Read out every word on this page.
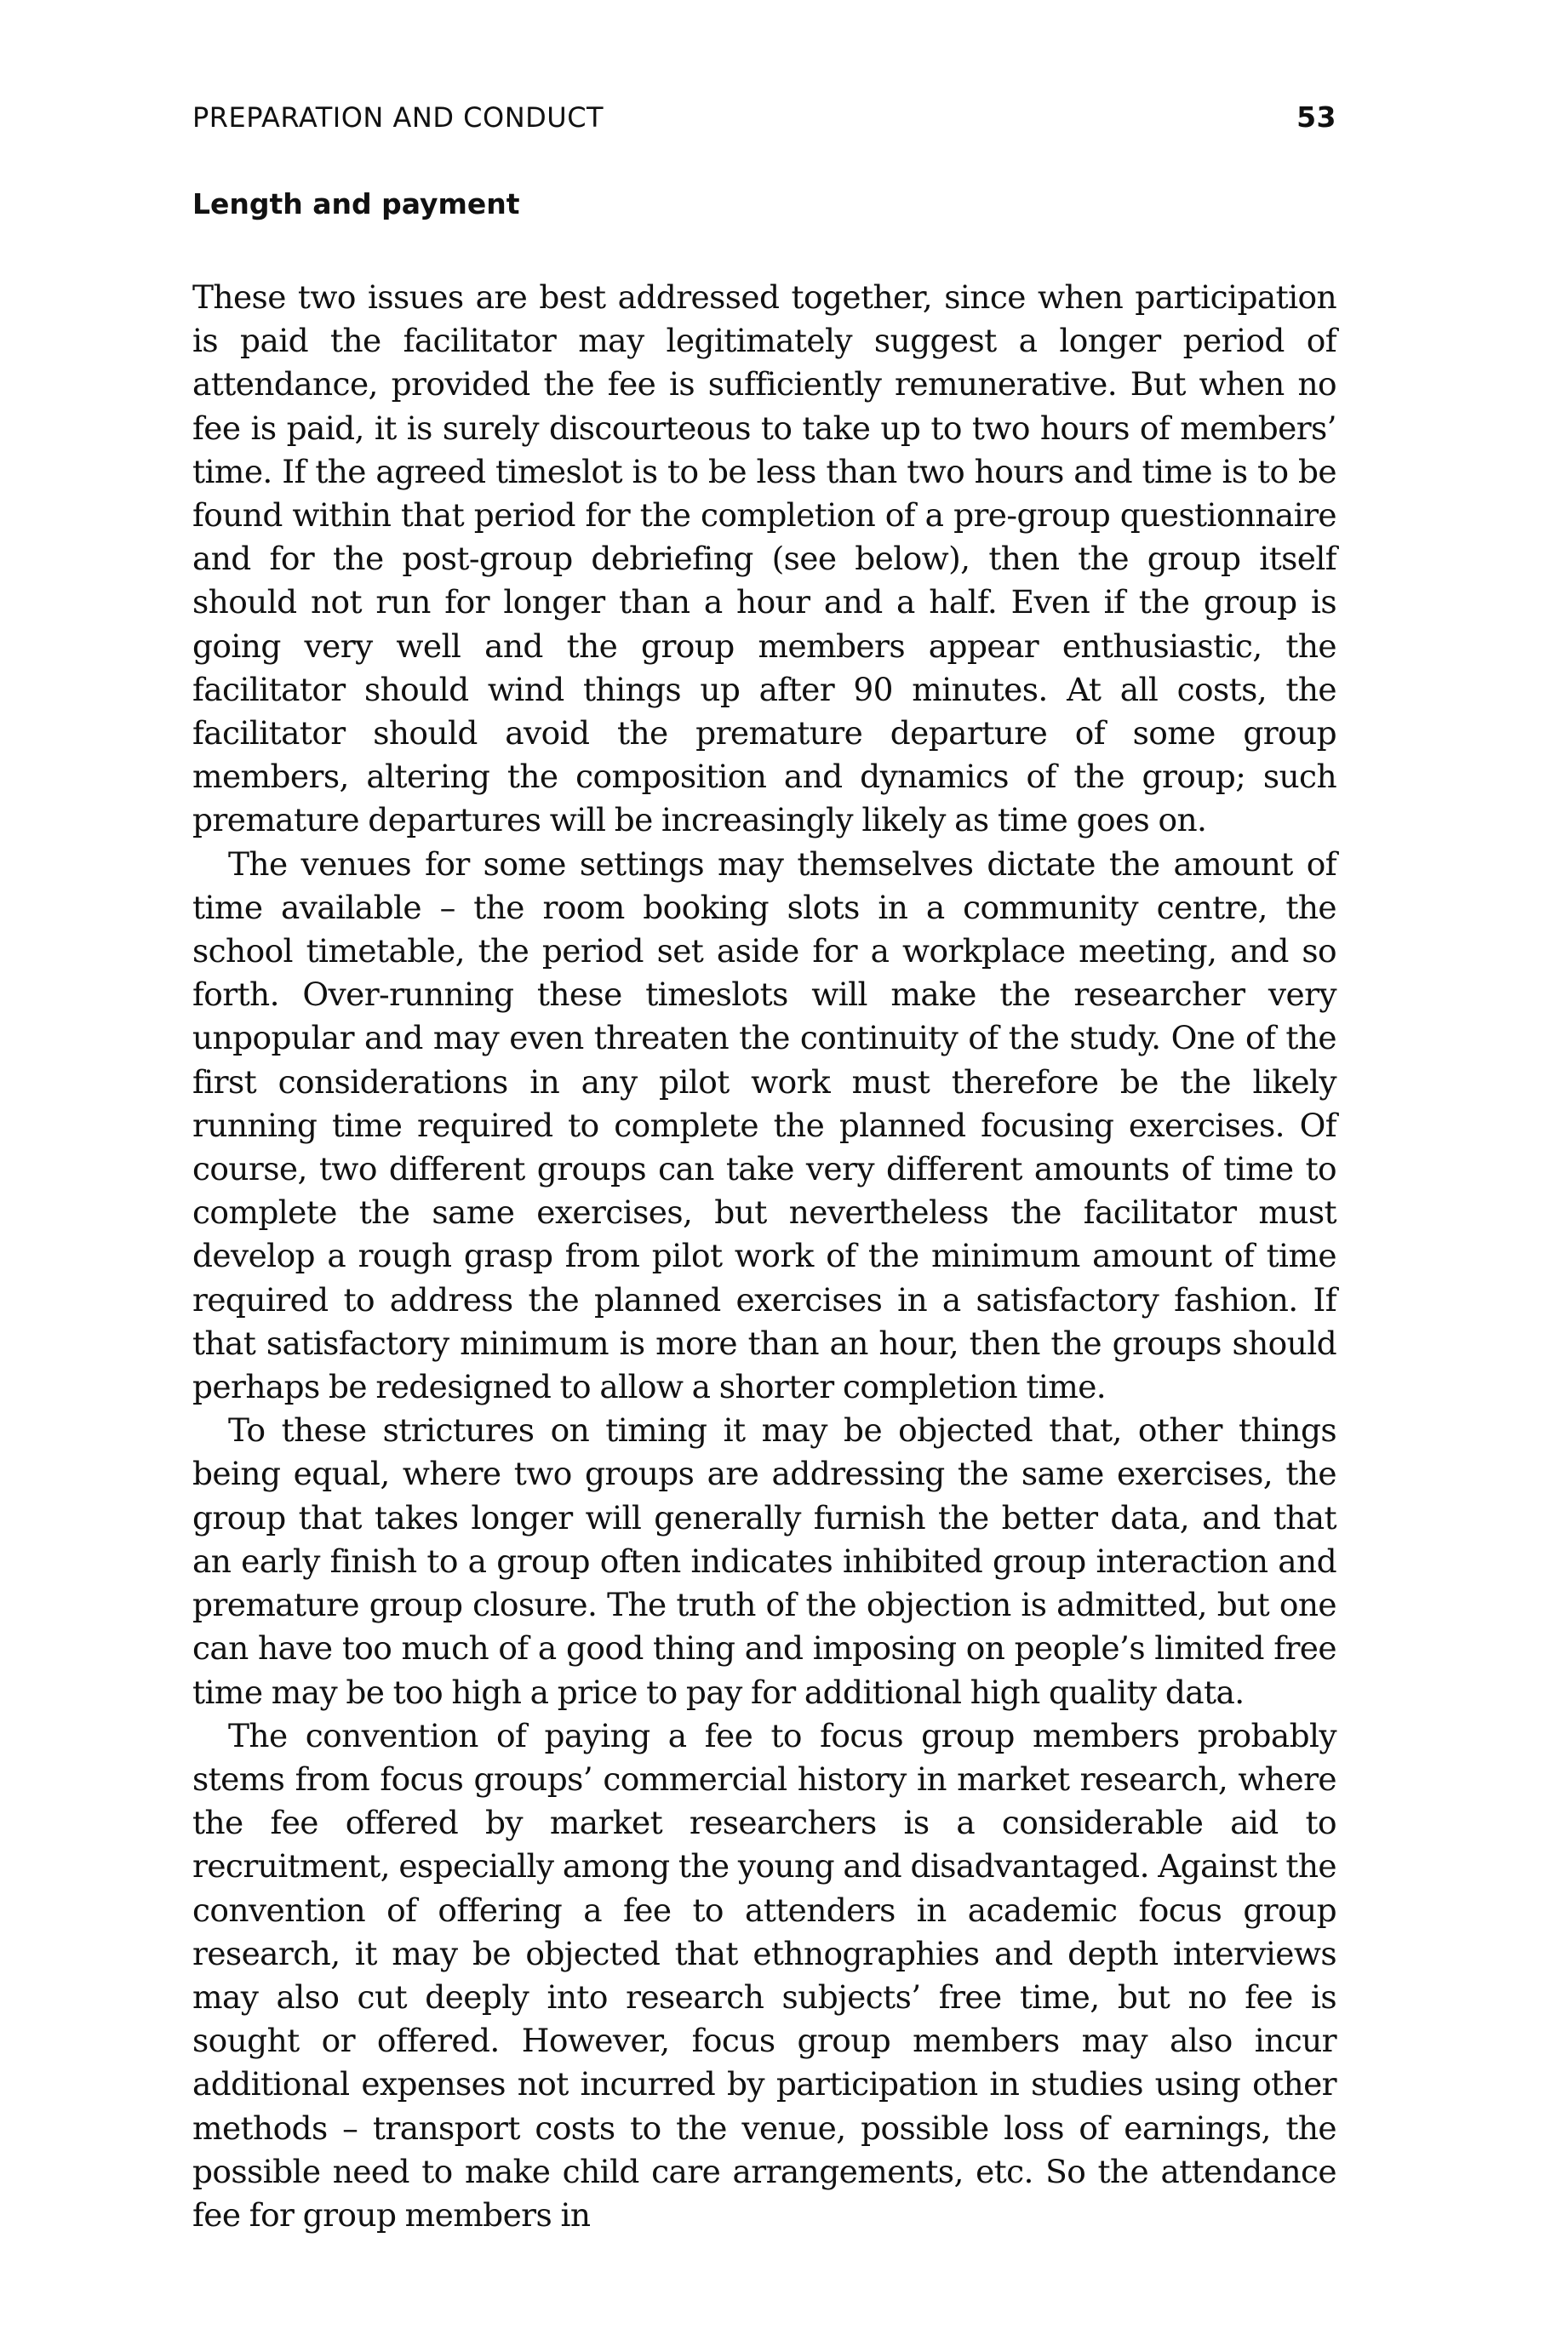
PREPARATION AND CONDUCT	53
Length and payment

These two issues are best addressed together, since when participation is paid the facilitator may legitimately suggest a longer period of attendance, provided the fee is sufficiently remunerative. But when no fee is paid, it is surely discourteous to take up to two hours of members’ time. If the agreed timeslot is to be less than two hours and time is to be found within that period for the completion of a pre-group questionnaire and for the post-group debriefing (see below), then the group itself should not run for longer than a hour and a half. Even if the group is going very well and the group members appear enthusiastic, the facilitator should wind things up after 90 minutes. At all costs, the facilitator should avoid the premature departure of some group members, altering the composition and dynamics of the group; such premature departures will be increasingly likely as time goes on.

The venues for some settings may themselves dictate the amount of time available – the room booking slots in a community centre, the school timetable, the period set aside for a workplace meeting, and so forth. Over-running these timeslots will make the researcher very unpopular and may even threaten the continuity of the study. One of the first considerations in any pilot work must therefore be the likely running time required to complete the planned focusing exercises. Of course, two different groups can take very different amounts of time to complete the same exercises, but nevertheless the facilitator must develop a rough grasp from pilot work of the minimum amount of time required to address the planned exercises in a satisfactory fashion. If that satisfactory minimum is more than an hour, then the groups should perhaps be redesigned to allow a shorter completion time.

To these strictures on timing it may be objected that, other things being equal, where two groups are addressing the same exercises, the group that takes longer will generally furnish the better data, and that an early finish to a group often indicates inhibited group interaction and premature group closure. The truth of the objection is admitted, but one can have too much of a good thing and imposing on people’s limited free time may be too high a price to pay for additional high quality data.

The convention of paying a fee to focus group members probably stems from focus groups’ commercial history in market research, where the fee offered by market researchers is a considerable aid to recruitment, especially among the young and disadvantaged. Against the convention of offering a fee to attenders in academic focus group research, it may be objected that ethnographies and depth interviews may also cut deeply into research subjects’ free time, but no fee is sought or offered. However, focus group members may also incur additional expenses not incurred by participation in studies using other methods – transport costs to the venue, possible loss of earnings, the possible need to make child care arrangements, etc. So the attendance fee for group members in
